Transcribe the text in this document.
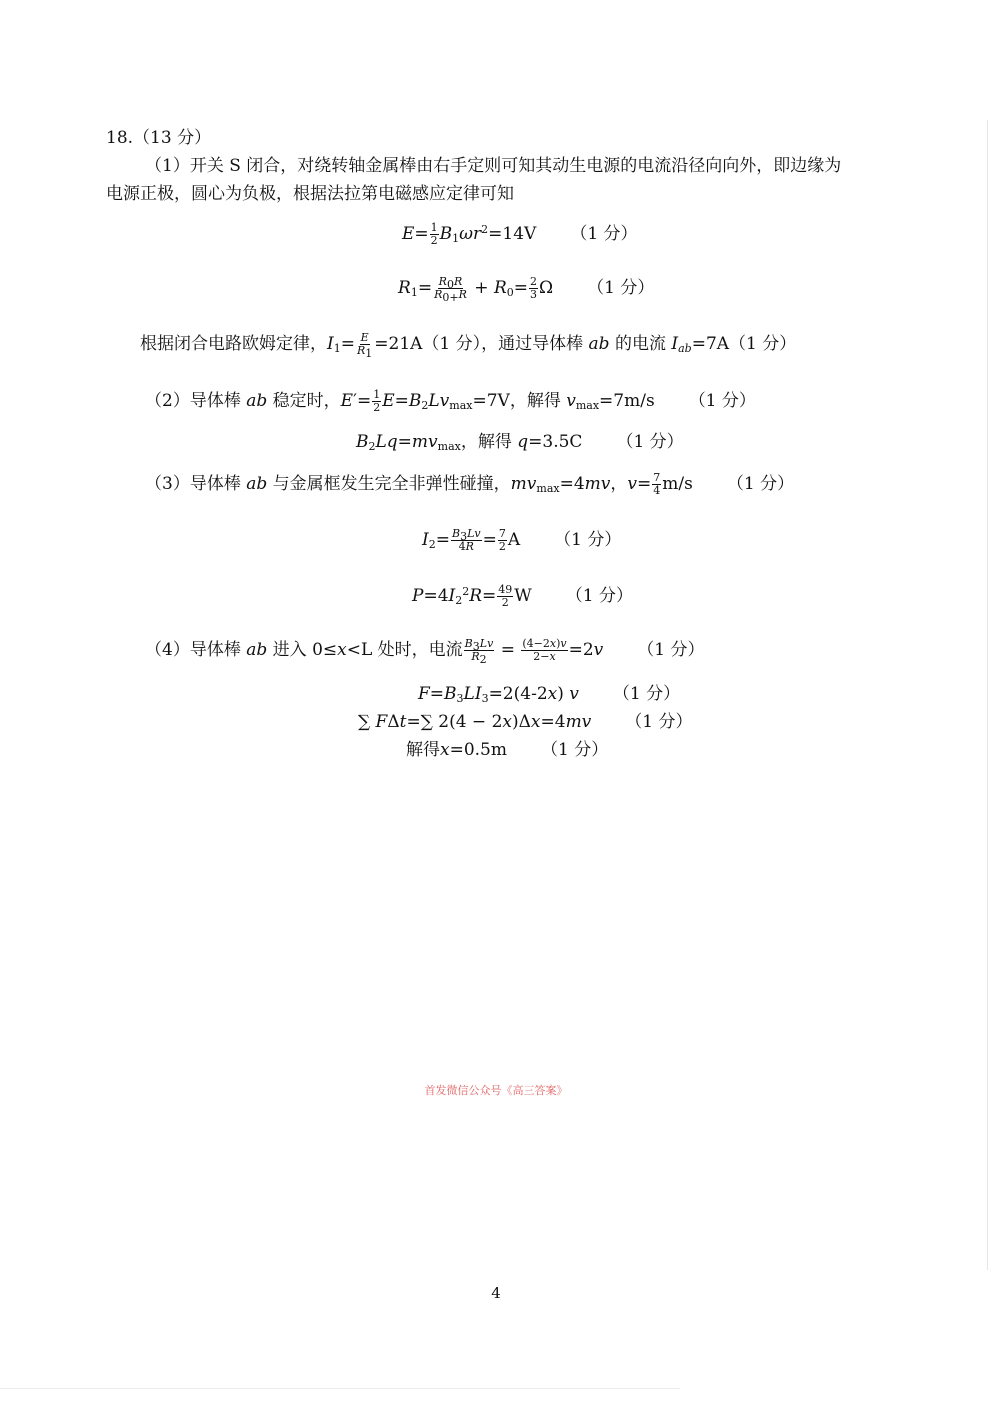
18.（13 分）
（1）开关 S 闭合，对绕转轴金属棒由右手定则可知其动生电源的电流沿径向向外，即边缘为
电源正极，圆心为负极，根据法拉第电磁感应定律可知
$E= \frac{1}{2} B_1\omega r^2=14V$ （1 分）
$R_1= \frac{R_0R}{R_{0+}R} + R_0= \frac{2}{3}$ Ω （1 分）
根据闭合电路欧姆定律，$I_1= \frac{E}{R_1} =21A(1$ 分），通过导体棒 ab 的电流 $I_{ab}=7A(1$ 分）
（2）导体棒 ab 稳定时，$E'= \frac{1}{2} E=B_2Lv_{max}=7V$，解得 $v_{max}=7m/s$ （1 分）
$B_2Lq=mv_{max}$，解得 q=3.5C （1 分）
（3）导体棒 ab 与金属框发生完全非弹性碰撞，$mv_{max}=4mv$，$v= \frac{7}{4} m/s$ （1 分）
$I_2= \frac{B_3Lv}{4R} = \frac{7}{2}$ A （1 分）
$P=4I_2^2R= \frac{49}{2}$ W （1 分）
（4）导体棒 ab 进入 0≤x<L 处时，电流 $\frac{B_3Lv}{R_2} = \frac{(4-2x)v}{2-x} =2v$ （1 分）
$F=B_3LI_3=2(4-2x)$ v （1 分）
∑ FΔt=∑ 2(4 − 2x)Δx=4mv （1 分）
解得x=0.5m （1 分）
首发微信公众号《高三答案》
4
